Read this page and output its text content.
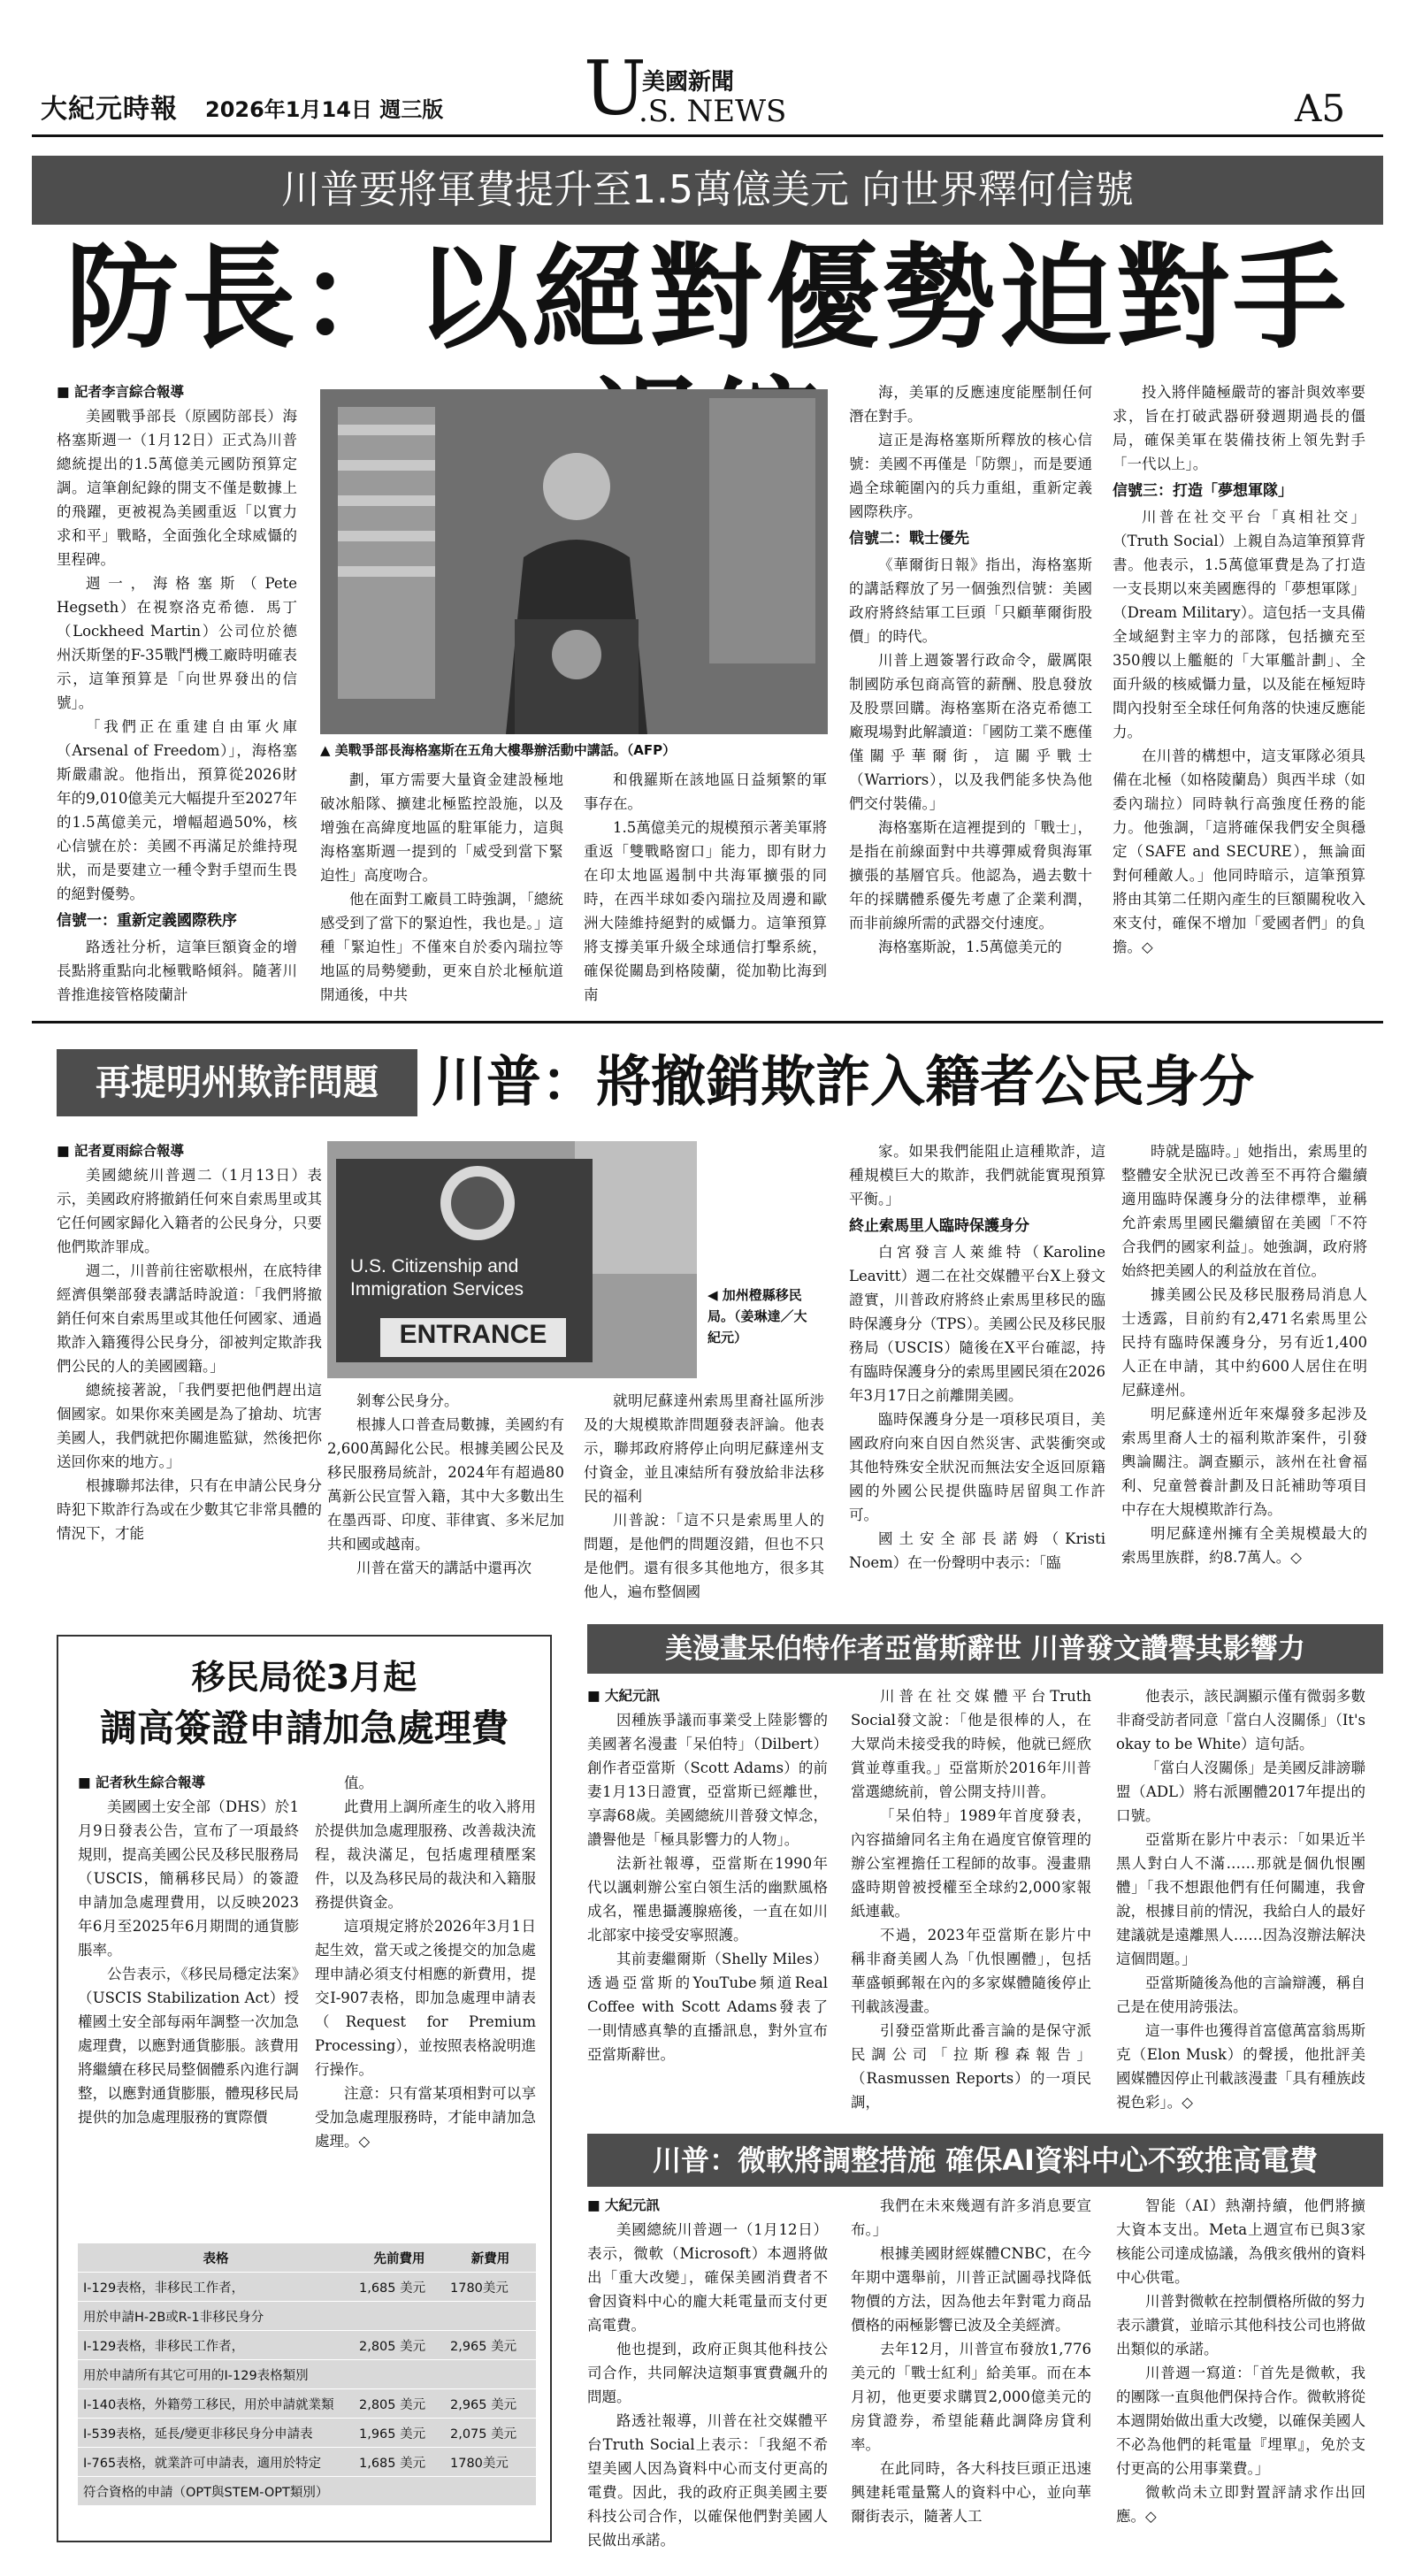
大紀元時報 2026年1月14日 週三版 U
美國新聞
.S. NEWS	A5
川普要將軍費提升至1.5萬億美元 向世界釋何信號
防長：以絕對優勢迫對手

■ 記者李言綜合報導

美國戰爭部長（原國防部長）海格塞斯週一（1月12日）正式為川普總統提出的1.5萬億美元國防預算定調。這筆創紀錄的開支不僅是數據上的飛躍，更被視為美國重返「以實力求和平」戰略，全面強化全球威懾的里程碑。

週一，海格塞斯（Pete Hegseth）在視察洛克希德．馬丁（Lockheed Martin）公司位於德州沃斯堡的F-35戰鬥機工廠時明確表示，這筆預算是「向世界發出的信號」。

「我們正在重建自由軍火庫（Arsenal of Freedom）」，海格塞斯嚴肅說。他指出，預算從2026財年的9,010億美元大幅提升至2027年的1.5萬億美元，增幅超過50%，核心信號在於：美國不再滿足於維持現狀，而是要建立一種令對手望而生畏的絕對優勢。

信號一：重新定義國際秩序

路透社分析，這筆巨額資金的增長點將重點向北極戰略傾斜。隨著川普推進接管格陵蘭計

▲ 美戰爭部長海格塞斯在五角大樓舉辦活動中講話。（AFP）

劃，軍方需要大量資金建設極地破冰船隊、擴建北極監控設施，以及增強在高緯度地區的駐軍能力，這與海格塞斯週一提到的「威受到當下緊迫性」高度吻合。

他在面對工廠員工時強調，「總統感受到了當下的緊迫性，我也是。」這種「緊迫性」不僅來自於委內瑞拉等地區的局勢變動，更來自於北極航道開通後，中共

和俄羅斯在該地區日益頻繁的軍事存在。

1.5萬億美元的規模預示著美軍將重返「雙戰略窗口」能力，即有財力在印太地區遏制中共海軍擴張的同時，在西半球如委內瑞拉及周邊和歐洲大陸維持絕對的威懾力。這筆預算將支撐美軍升級全球通信打擊系統，確保從關島到格陵蘭，從加勒比海到南

海，美軍的反應速度能壓制任何潛在對手。

這正是海格塞斯所釋放的核心信號：美國不再僅是「防禦」，而是要通過全球範圍內的兵力重組，重新定義國際秩序。

信號二：戰士優先

《華爾街日報》指出，海格塞斯的講話釋放了另一個強烈信號：美國政府將終結軍工巨頭「只顧華爾街股價」的時代。

川普上週簽署行政命令，嚴厲限制國防承包商高管的薪酬、股息發放及股票回購。海格塞斯在洛克希德工廠現場對此解讀道：「國防工業不應僅僅關乎華爾街，這關乎戰士（Warriors），以及我們能多快為他們交付裝備。」

海格塞斯在這裡提到的「戰士」，是指在前線面對中共導彈威脅與海軍擴張的基層官兵。他認為，過去數十年的採購體系優先考慮了企業利潤，而非前線所需的武器交付速度。

海格塞斯說，1.5萬億美元的

投入將伴隨極嚴苛的審計與效率要求，旨在打破武器研發週期過長的僵局，確保美軍在裝備技術上領先對手「一代以上」。

信號三：打造「夢想軍隊」

川普在社交平台「真相社交」（Truth Social）上親自為這筆預算背書。他表示，1.5萬億軍費是為了打造一支長期以來美國應得的「夢想軍隊」（Dream Military）。這包括一支具備全域絕對主宰力的部隊，包括擴充至350艘以上艦艇的「大軍艦計劃」、全面升級的核威懾力量，以及能在極短時間內投射至全球任何角落的快速反應能力。

在川普的構想中，這支軍隊必須具備在北極（如格陵蘭島）與西半球（如委內瑞拉）同時執行高強度任務的能力。他強調，「這將確保我們安全與穩定（SAFE and SECURE），無論面對何種敵人。」他同時暗示，這筆預算將由其第二任期內產生的巨額關稅收入來支付，確保不增加「愛國者們」的負擔。◇

再提明州欺詐問題 川普：將撤銷欺詐入籍者公民身分

■ 記者夏雨綜合報導

美國總統川普週二（1月13日）表示，美國政府將撤銷任何來自索馬里或其它任何國家歸化入籍者的公民身分，只要他們欺詐罪成。

週二，川普前往密歇根州，在底特律經濟俱樂部發表講話時說道：「我們將撤銷任何來自索馬里或其他任何國家、通過欺詐入籍獲得公民身分，卻被判定欺詐我們公民的人的美國國籍。」

總統接著說，「我們要把他們趕出這個國家。如果你來美國是為了搶劫、坑害美國人，我們就把你關進監獄，然後把你送回你來的地方。」

根據聯邦法律，只有在申請公民身分時犯下欺詐行為或在少數其它非常具體的情況下，才能

U.S. Citizenship and
Immigration Services
ENTRANCE
◀ 加州橙縣移民局。（姜琳達／大紀元）

剝奪公民身分。

根據人口普查局數據，美國約有2,600萬歸化公民。根據美國公民及移民服務局統計，2024年有超過80萬新公民宣誓入籍，其中大多數出生在墨西哥、印度、菲律賓、多米尼加共和國或越南。

川普在當天的講話中還再次

就明尼蘇達州索馬里裔社區所涉及的大規模欺詐問題發表評論。他表示，聯邦政府將停止向明尼蘇達州支付資金，並且凍結所有發放給非法移民的福利

川普說：「這不只是索馬里人的問題，是他們的問題沒錯，但也不只是他們。還有很多其他地方，很多其他人，遍布整個國

家。如果我們能阻止這種欺詐，這種規模巨大的欺詐，我們就能實現預算平衡。」

終止索馬里人臨時保護身分

白宮發言人萊維特（Karoline Leavitt）週二在社交媒體平台X上發文證實，川普政府將終止索馬里移民的臨時保護身分（TPS）。美國公民及移民服務局（USCIS）隨後在X平台確認，持有臨時保護身分的索馬里國民須在2026年3月17日之前離開美國。

臨時保護身分是一項移民項目，美國政府向來自因自然災害、武裝衝突或其他特殊安全狀況而無法安全返回原籍國的外國公民提供臨時居留與工作許可。

國土安全部長諾姆（Kristi Noem）在一份聲明中表示：「臨

時就是臨時。」她指出，索馬里的整體安全狀況已改善至不再符合繼續適用臨時保護身分的法律標準，並稱允許索馬里國民繼續留在美國「不符合我們的國家利益」。她強調，政府將始終把美國人的利益放在首位。

據美國公民及移民服務局消息人士透露，目前約有2,471名索馬里公民持有臨時保護身分，另有近1,400人正在申請，其中約600人居住在明尼蘇達州。

明尼蘇達州近年來爆發多起涉及索馬里裔人士的福利欺詐案件，引發輿論關注。調查顯示，該州在社會福利、兒童營養計劃及日託補助等項目中存在大規模欺詐行為。

明尼蘇達州擁有全美規模最大的索馬里族群，約8.7萬人。◇

移民局從3月起
調高簽證申請加急處理費

■ 記者秋生綜合報導

美國國土安全部（DHS）於1月9日發表公告，宣布了一項最終規則，提高美國公民及移民服務局（USCIS，簡稱移民局）的簽證申請加急處理費用，以反映2023年6月至2025年6月期間的通貨膨脹率。

公告表示，《移民局穩定法案》（USCIS Stabilization Act）授權國土安全部每兩年調整一次加急處理費，以應對通貨膨脹。該費用將繼續在移民局整個體系內進行調整，以應對通貨膨脹，體現移民局提供的加急處理服務的實際價

值。

此費用上調所產生的收入將用於提供加急處理服務、改善裁決流程，裁決滿足，包括處理積壓案件，以及為移民局的裁決和入籍服務提供資金。

這項規定將於2026年3月1日起生效，當天或之後提交的加急處理申請必須支付相應的新費用，提交I-907表格，即加急處理申請表（Request for Premium Processing），並按照表格說明進行操作。

注意：只有當某項相對可以享受加急處理服務時，才能申請加急處理。◇

表格	先前費用	新費用
I-129表格，非移民工作者，	1,685 美元	1780美元
用於申請H-2B或R-1非移民身分		
I-129表格，非移民工作者，	2,805 美元	2,965 美元
用於申請所有其它可用的I-129表格類別		
I-140表格，外籍勞工移民，用於申請就業類	2,805 美元	2,965 美元
I-539表格，延長/變更非移民身分申請表	1,965 美元	2,075 美元
I-765表格，就業許可申請表，適用於特定	1,685 美元	1780美元
符合資格的申請（OPT與STEM-OPT類別）		
美漫畫呆伯特作者亞當斯辭世 川普發文讚譽其影響力

■ 大紀元訊

因種族爭議而事業受上陸影響的美國著名漫畫「呆伯特」（Dilbert）創作者亞當斯（Scott Adams）的前妻1月13日證實，亞當斯已經離世，享壽68歲。美國總統川普發文悼念，讚譽他是「極具影響力的人物」。

法新社報導，亞當斯在1990年代以諷刺辦公室白領生活的幽默風格成名，罹患攝護腺癌後，一直在如川北部家中接受安寧照護。

其前妻繼爾斯（Shelly Miles）透過亞當斯的YouTube頻道Real Coffee with Scott Adams發表了一則情感真摯的直播訊息，對外宣布亞當斯辭世。

川普在社交媒體平台Truth Social發文說：「他是很棒的人，在大眾尚未接受我的時候，他就已經欣賞並尊重我。」亞當斯於2016年川普當選總統前，曾公開支持川普。

「呆伯特」1989年首度發表，內容描繪同名主角在過度官僚管理的辦公室裡擔任工程師的故事。漫畫鼎盛時期曾被授權至全球約2,000家報紙連載。

不過，2023年亞當斯在影片中稱非裔美國人為「仇恨團體」，包括華盛頓郵報在內的多家媒體隨後停止刊載該漫畫。

引發亞當斯此番言論的是保守派民調公司「拉斯穆森報告」（Rasmussen Reports）的一項民調，

他表示，該民調顯示僅有微弱多數非裔受訪者同意「當白人沒關係」（It's okay to be White）這句話。

「當白人沒關係」是美國反誹謗聯盟（ADL）將右派團體2017年提出的口號。

亞當斯在影片中表示：「如果近半黑人對白人不滿……那就是個仇恨團體」「我不想跟他們有任何關連，我會說，根據目前的情況，我給白人的最好建議就是遠離黑人……因為沒辦法解決這個問題。」

亞當斯隨後為他的言論辯護，稱自己是在使用誇張法。

這一事件也獲得首富億萬富翁馬斯克（Elon Musk）的聲援，他批評美國媒體因停止刊載該漫畫「具有種族歧視色彩」。◇

川普：微軟將調整措施 確保AI資料中心不致推高電費

■ 大紀元訊

美國總統川普週一（1月12日）表示，微軟（Microsoft）本週將做出「重大改變」，確保美國消費者不會因資料中心的龐大耗電量而支付更高電費。

他也提到，政府正與其他科技公司合作，共同解決這類事實費飆升的問題。

路透社報導，川普在社交媒體平台Truth Social上表示：「我絕不希望美國人因為資料中心而支付更高的電費。因此，我的政府正與美國主要科技公司合作，以確保他們對美國人民做出承諾。

我們在未來幾週有許多消息要宣布。」

根據美國財經媒體CNBC，在今年期中選舉前，川普正試圖尋找降低物價的方法，因為他去年對電力商品價格的兩極影響已波及全美經濟。

去年12月，川普宣布發放1,776美元的「戰士紅利」給美軍。而在本月初，他更要求購買2,000億美元的房貸證券，希望能藉此調降房貸利率。

在此同時，各大科技巨頭正迅速興建耗電量驚人的資料中心，並向華爾街表示，隨著人工

智能（AI）熱潮持續，他們將擴大資本支出。Meta上週宣布已與3家核能公司達成協議，為俄亥俄州的資料中心供電。

川普對微軟在控制價格所做的努力表示讚賞，並暗示其他科技公司也將做出類似的承諾。

川普週一寫道：「首先是微軟，我的團隊一直與他們保持合作。微軟將從本週開始做出重大改變，以確保美國人不必為他們的耗電量『埋單』，免於支付更高的公用事業費。」

微軟尚未立即對置評請求作出回應。◇
